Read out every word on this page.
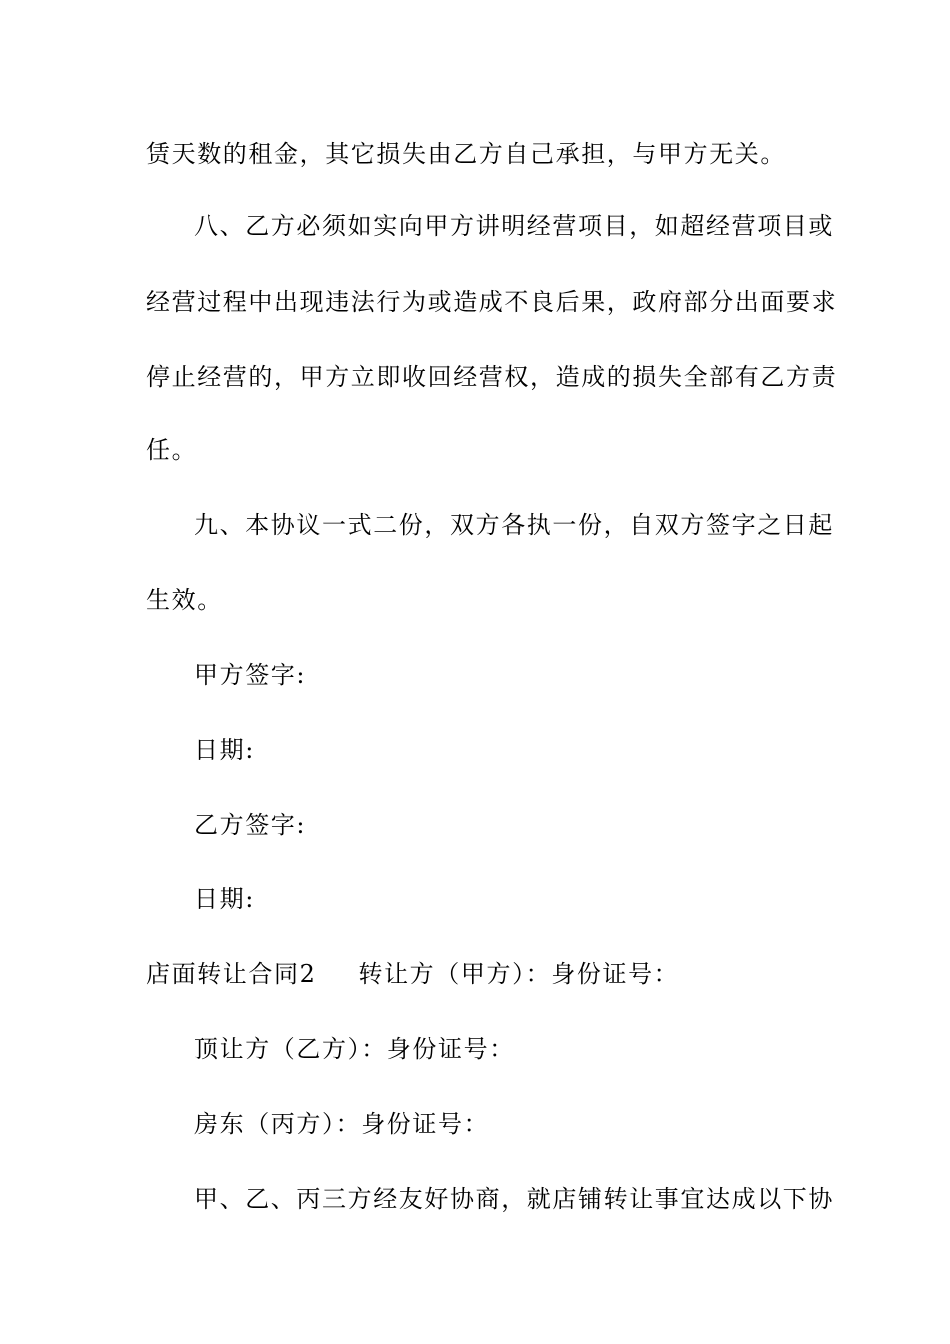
赁天数的租金，其它损失由乙方自己承担，与甲方无关。
八、乙方必须如实向甲方讲明经营项目，如超经营项目或
经营过程中出现违法行为或造成不良后果，政府部分出面要求
停止经营的，甲方立即收回经营权，造成的损失全部有乙方责
任。
九、本协议一式二份，双方各执一份，自双方签字之日起
生效。
甲方签字:
日期:
乙方签字:
日期:
店面转让合同2 转让方（甲方）：身份证号：
顶让方（乙方）：身份证号：
房东（丙方）：身份证号：
甲、乙、丙三方经友好协商，就店铺转让事宜达成以下协
